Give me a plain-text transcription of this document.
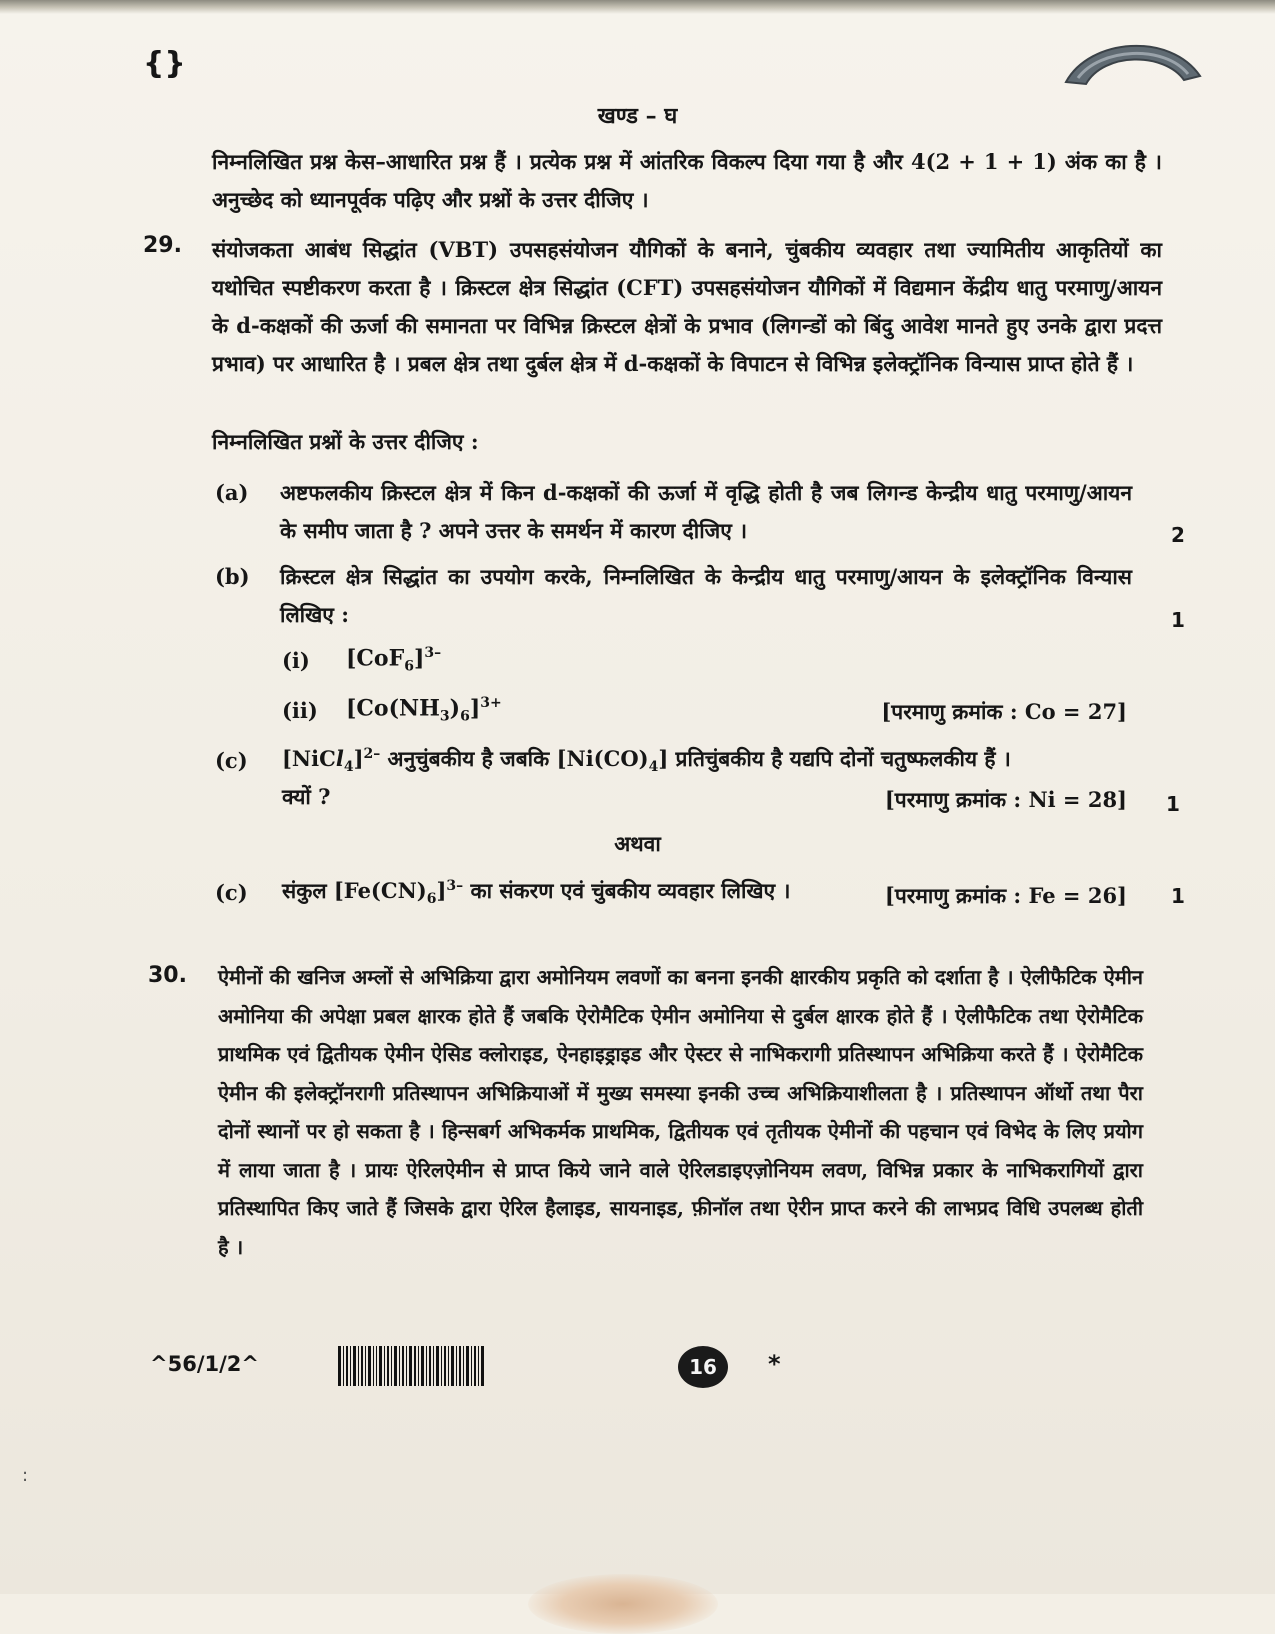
{}
खण्ड – घ
निम्नलिखित प्रश्न केस–आधारित प्रश्न हैं । प्रत्येक प्रश्न में आंतरिक विकल्प दिया गया है और 4(2 + 1 + 1) अंक का है । अनुच्छेद को ध्यानपूर्वक पढ़िए और प्रश्नों के उत्तर दीजिए ।
29. संयोजकता आबंध सिद्धांत (VBT) उपसहसंयोजन यौगिकों के बनाने, चुंबकीय व्यवहार तथा ज्यामितीय आकृतियों का यथोचित स्पष्टीकरण करता है । क्रिस्टल क्षेत्र सिद्धांत (CFT) उपसहसंयोजन यौगिकों में विद्यमान केंद्रीय धातु परमाणु/आयन के d-कक्षकों की ऊर्जा की समानता पर विभिन्न क्रिस्टल क्षेत्रों के प्रभाव (लिगन्डों को बिंदु आवेश मानते हुए उनके द्वारा प्रदत्त प्रभाव) पर आधारित है । प्रबल क्षेत्र तथा दुर्बल क्षेत्र में d-कक्षकों के विपाटन से विभिन्न इलेक्ट्रॉनिक विन्यास प्राप्त होते हैं ।
निम्नलिखित प्रश्नों के उत्तर दीजिए :
(a) अष्टफलकीय क्रिस्टल क्षेत्र में किन d-कक्षकों की ऊर्जा में वृद्धि होती है जब लिगन्ड केन्द्रीय धातु परमाणु/आयन के समीप जाता है ? अपने उत्तर के समर्थन में कारण दीजिए ।	2
(b) क्रिस्टल क्षेत्र सिद्धांत का उपयोग करके, निम्नलिखित के केन्द्रीय धातु परमाणु/आयन के इलेक्ट्रॉनिक विन्यास लिखिए :	1
(i) $[CoF_6]^{3-}$
(ii) $[Co(NH_3)_6]^{3+}$	[परमाणु क्रमांक : Co = 27]
(c) [NiCl$_4$]$^{2-}$ अनुचुंबकीय है जबकि $[Ni(CO)_4]$ प्रतिचुंबकीय है यद्यपि दोनों चतुष्फलकीय हैं ।
क्यों ?	[परमाणु क्रमांक : Ni = 28] 1
अथवा
(c) संकुल $[Fe(CN)_6]^{3-}$ का संकरण एवं चुंबकीय व्यवहार लिखिए ।	[परमाणु क्रमांक : Fe = 26] 1
30. ऐमीनों की खनिज अम्लों से अभिक्रिया द्वारा अमोनियम लवणों का बनना इनकी क्षारकीय प्रकृति को दर्शाता है । ऐलीफैटिक ऐमीन अमोनिया की अपेक्षा प्रबल क्षारक होते हैं जबकि ऐरोमैटिक ऐमीन अमोनिया से दुर्बल क्षारक होते हैं । ऐलीफैटिक तथा ऐरोमैटिक प्राथमिक एवं द्वितीयक ऐमीन ऐसिड क्लोराइड, ऐनहाइड्राइड और ऐस्टर से नाभिकरागी प्रतिस्थापन अभिक्रिया करते हैं । ऐरोमैटिक ऐमीन की इलेक्ट्रॉनरागी प्रतिस्थापन अभिक्रियाओं में मुख्य समस्या इनकी उच्च अभिक्रियाशीलता है । प्रतिस्थापन ऑर्थो तथा पैरा दोनों स्थानों पर हो सकता है । हिन्सबर्ग अभिकर्मक प्राथमिक, द्वितीयक एवं तृतीयक ऐमीनों की पहचान एवं विभेद के लिए प्रयोग में लाया जाता है । प्रायः ऐरिलऐमीन से प्राप्त किये जाने वाले ऐरिलडाइएज़ोनियम लवण, विभिन्न प्रकार के नाभिकरागियों द्वारा प्रतिस्थापित किए जाते हैं जिसके द्वारा ऐरिल हैलाइड, सायनाइड, फ़ीनॉल तथा ऐरीन प्राप्त करने की लाभप्रद विधि उपलब्ध होती है ।
^56/1/2^	16	*
:
